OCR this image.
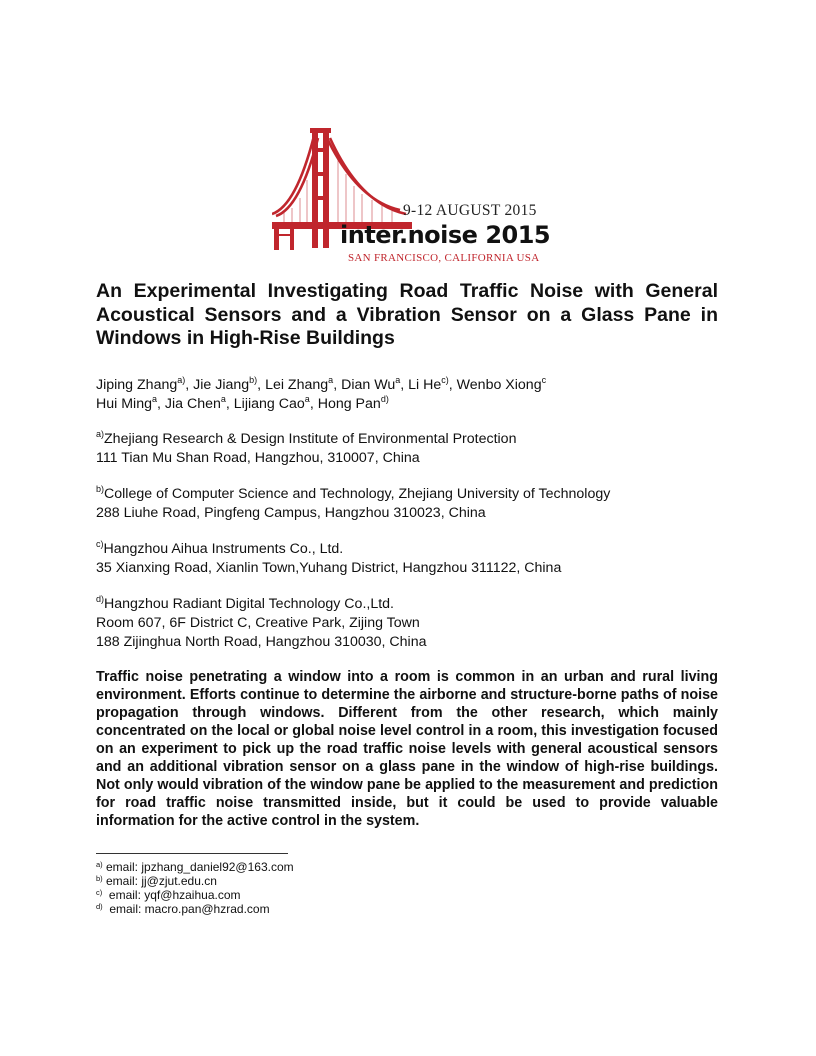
9-12 AUGUST 2015
inter.noise 2015
SAN FRANCISCO, CALIFORNIA USA
An Experimental Investigating Road Traffic Noise with General Acoustical Sensors and a Vibration Sensor on a Glass Pane in Windows in High-Rise Buildings
Jiping Zhang$^{a)}$, Jie Jiang$^{b)}$, Lei Zhang$^a$, Dian Wu$^a$, Li He$^{c)}$, Wenbo Xiong$^c$
Hui Ming$^a$, Jia Chen$^a$, Lijiang Cao$^a$, Hong Pan$^{d)}$
$^{a)}$Zhejiang Research & Design Institute of Environmental Protection
111 Tian Mu Shan Road, Hangzhou, 310007, China
$^{b)}$College of Computer Science and Technology, Zhejiang University of Technology
288 Liuhe Road, Pingfeng Campus, Hangzhou 310023, China
$^{c)}$Hangzhou Aihua Instruments Co., Ltd.
35 Xianxing Road, Xianlin Town,Yuhang District, Hangzhou 311122, China
$^{d)}$Hangzhou Radiant Digital Technology Co.,Ltd.
Room 607, 6F District C, Creative Park, Zijing Town
188 Zijinghua North Road, Hangzhou 310030, China

Traffic noise penetrating a window into a room is common in an urban and rural living environment. Efforts continue to determine the airborne and structure-borne paths of noise propagation through windows. Different from the other research, which mainly concentrated on the local or global noise level control in a room, this investigation focused on an experiment to pick up the road traffic noise levels with general acoustical sensors and an additional vibration sensor on a glass pane in the window of high-rise buildings. Not only would vibration of the window pane be applied to the measurement and prediction for road traffic noise transmitted inside, but it could be used to provide valuable information for the active control in the system.

$^{a)}$ email: jpzhang_daniel92@163.com
$^{b)}$ email: jj@zjut.edu.cn
$^{c)}$  email: yqf@hzaihua.com
$^{d)}$  email: macro.pan@hzrad.com
